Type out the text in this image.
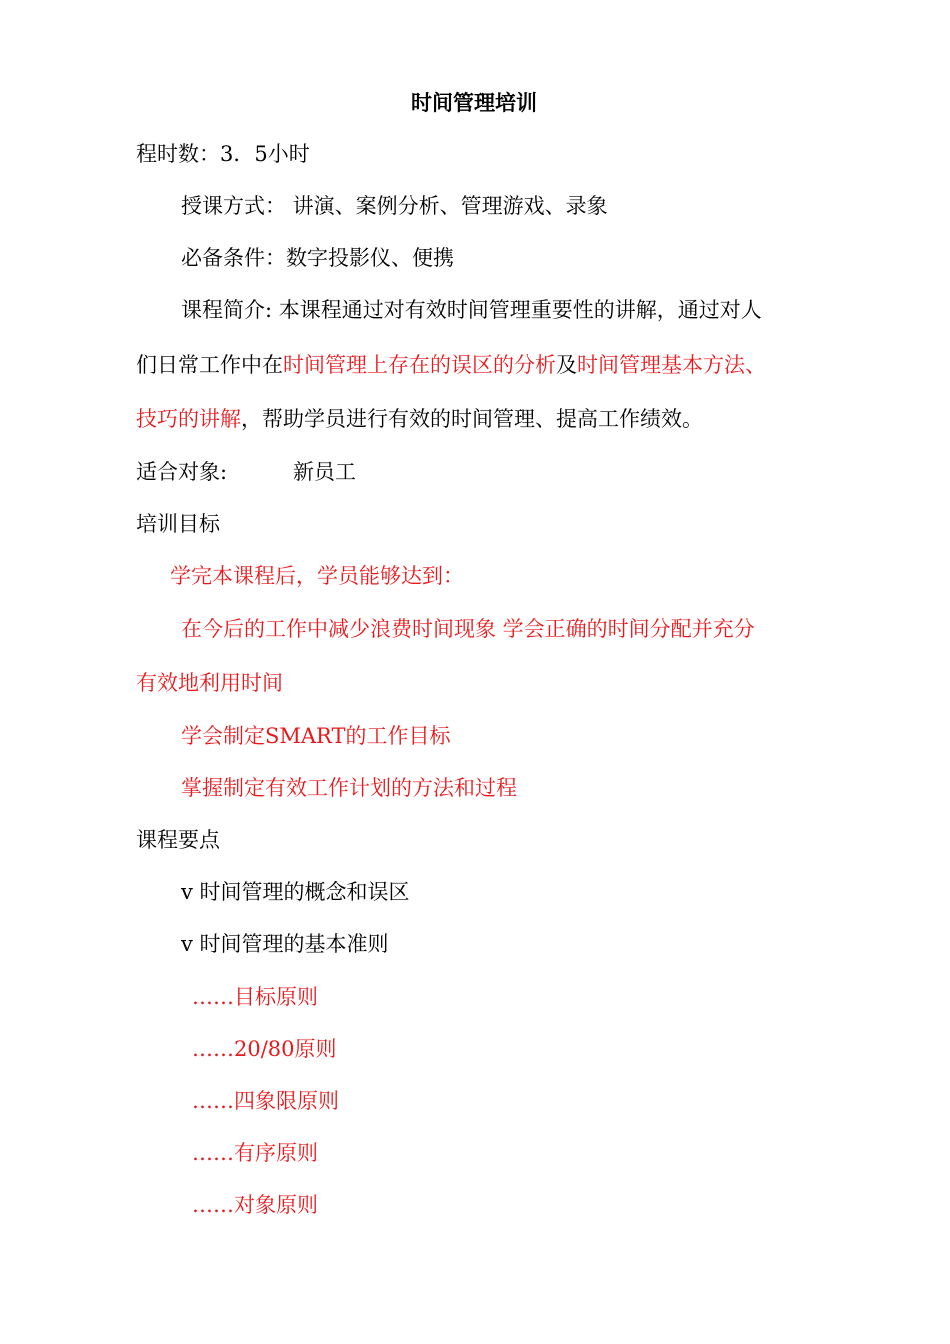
时间管理培训
程时数：3．5小时
授课方式： 讲演、案例分析、管理游戏、录象
必备条件：数字投影仪、便携
课程简介: 本课程通过对有效时间管理重要性的讲解，通过对人
们日常工作中在时间管理上存在的误区的分析及时间管理基本方法、
技巧的讲解，帮助学员进行有效的时间管理、提高工作绩效。
适合对象:	新员工
培训目标
学完本课程后，学员能够达到：
在今后的工作中减少浪费时间现象 学会正确的时间分配并充分
有效地利用时间
学会制定SMART的工作目标
掌握制定有效工作计划的方法和过程
课程要点
v 时间管理的概念和误区
v 时间管理的基本准则
……目标原则
……20/80原则
……四象限原则
……有序原则
……对象原则
